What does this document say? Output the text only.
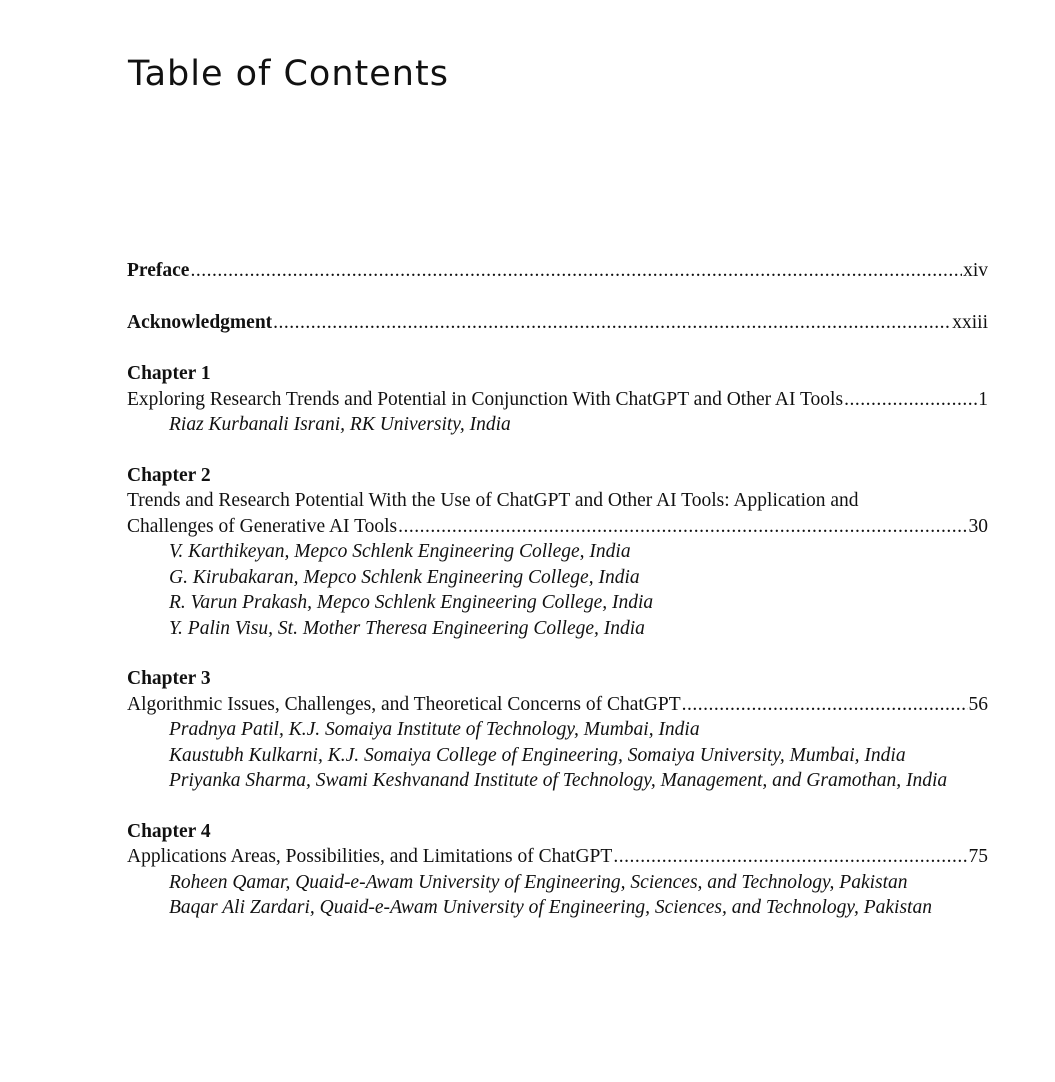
Table of Contents
Preface .....	xiv
Acknowledgment .....	xxiii
Chapter 1
Exploring Research Trends and Potential in Conjunction With ChatGPT and Other AI Tools .....	1
Riaz Kurbanali Israni, RK University, India
Chapter 2
Trends and Research Potential With the Use of ChatGPT and Other AI Tools: Application and
Challenges of Generative AI Tools .....	30
V. Karthikeyan, Mepco Schlenk Engineering College, India
G. Kirubakaran, Mepco Schlenk Engineering College, India
R. Varun Prakash, Mepco Schlenk Engineering College, India
Y. Palin Visu, St. Mother Theresa Engineering College, India
Chapter 3
Algorithmic Issues, Challenges, and Theoretical Concerns of ChatGPT .....	56
Pradnya Patil, K.J. Somaiya Institute of Technology, Mumbai, India
Kaustubh Kulkarni, K.J. Somaiya College of Engineering, Somaiya University, Mumbai, India
Priyanka Sharma, Swami Keshvanand Institute of Technology, Management, and Gramothan, India
Chapter 4
Applications Areas, Possibilities, and Limitations of ChatGPT .....	75
Roheen Qamar, Quaid-e-Awam University of Engineering, Sciences, and Technology, Pakistan
Baqar Ali Zardari, Quaid-e-Awam University of Engineering, Sciences, and Technology, Pakistan
